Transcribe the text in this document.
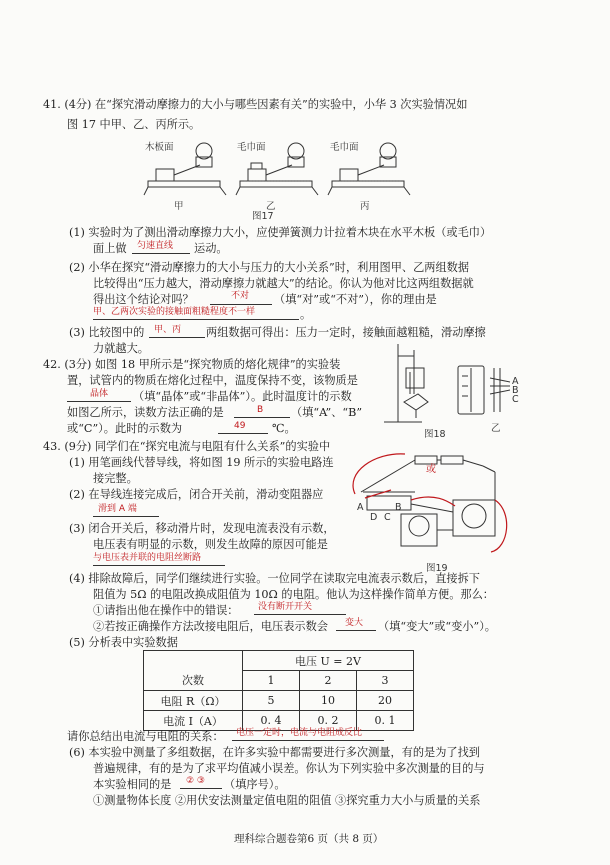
41. (4分) 在“探究滑动摩擦力的大小与哪些因素有关”的实验中，小华 3 次实验情况如
图 17 中甲、乙、丙所示。
木板面	毛巾面	毛巾面
甲	乙	丙
图17
(1) 实验时为了测出滑动摩擦力大小，应使弹簧测力计拉着木块在水平木板（或毛巾）
面上做 匀速直线 运动。
(2) 小华在探究“滑动摩擦力的大小与压力的大小关系”时，利用图甲、乙两组数据
比较得出“压力越大，滑动摩擦力就越大”的结论。你认为他对比这两组数据就
得出这个结论对吗？	不对 （填“对”或“不对”），你的理由是
甲、乙两次实验的接触面粗糙程度不一样	。
(3) 比较图中的 甲、丙 两组数据可得出：压力一定时，接触面越粗糙，滑动摩擦
力就越大。
42. (3分) 如图 18 甲所示是“探究物质的熔化规律”的实验装
置，试管内的物质在熔化过程中，温度保持不变，该物质是
晶体 （填“晶体”或“非晶体”）。此时温度计的示数
如图乙所示，读数方法正确的是	B （填“A”、“B”
或“C”）。此时的示数为	49 ℃。
A
B
C
乙
图18
43. (9分) 同学们在“探究电流与电阻有什么关系”的实验中
(1) 用笔画线代替导线，将如图 19 所示的实验电路连
接完整。
(2) 在导线连接完成后，闭合开关前，滑动变阻器应
滑到 A 端
(3) 闭合开关后，移动滑片时，发现电流表没有示数，
电压表有明显的示数，则发生故障的原因可能是
与电压表并联的电阻丝断路
或
A	B
C
D
图19
(4) 排除故障后，同学们继续进行实验。一位同学在读取完电流表示数后，直接拆下
阻值为 5Ω 的电阻改换成阻值为 10Ω 的电阻。他认为这样操作简单方便。那么：
①请指出他在操作中的错误： 没有断开开关
②若按正确操作方法改接电阻后，电压表示数会 变大 （填“变大”或“变小”）。
(5) 分析表中实验数据
	电压 U = 2V		
次数	1	2	3
电阻 R（Ω）	5	10	20
电流 I（A）	0. 4	0. 2	0. 1
请你总结出电流与电阻的关系： 电压一定时，电流与电阻成反比
(6) 本实验中测量了多组数据，在许多实验中都需要进行多次测量，有的是为了找到
普遍规律，有的是为了求平均值减小误差。你认为下列实验中多次测量的目的与
本实验相同的是 ② ③ （填序号）。
①测量物体长度 ②用伏安法测量定值电阻的阻值 ③探究重力大小与质量的关系
理科综合题卷第6 页（共 8 页）
